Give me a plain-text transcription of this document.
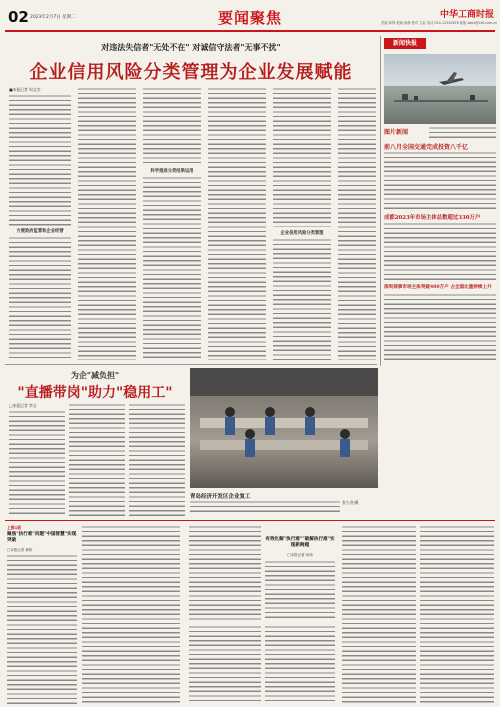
02 2023年2月7日 星期二	要闻聚焦	中华工商时报
责编 林锋 美编 徐静 校对 文双 电话 010-12345678 邮箱 abcd@cbt.com.cn
对违法失信者"无处不在" 对诚信守法者"无事不扰"
企业信用风险分类管理为企业发展赋能
■本报记者 周文杰
方便政府监管和企业经营
科学推进分类结果运用
企业信用风险分类管理
新闻快报
图片新闻
前八月全国交通完成投资八千亿
成都2023年市场主体总数超过330万户
深圳商事市场主体突破400万户 占全国比重持续上升
为企"减负担"
"直播带岗"助力"稳用工"
□本报记者 李文
青岛经济开发区企业复工
张少洪/摄
上接1版
聚焦"执行难"问题"中国智慧"实现突破
□本报记者 林栋
有效化解"执行难""破解执行难"实现新跨越
□本报记者 孙伟
